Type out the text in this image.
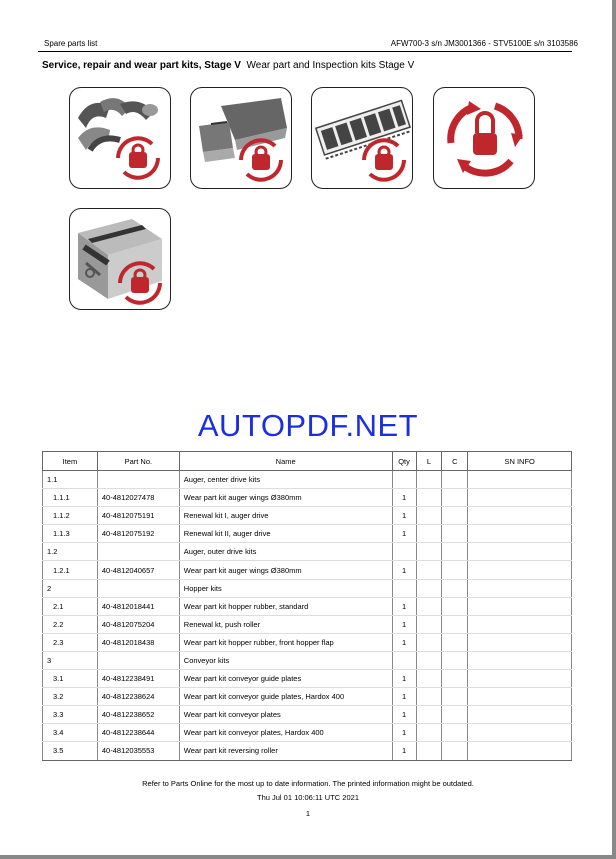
Spare parts list	AFW700-3 s/n JM3001366 - STV5100E s/n 3103586
Service, repair and wear part kits, Stage V Wear part and Inspection kits Stage V
AUTOPDF.NET
Item	Part No.	Name	Qty	L	C	SN INFO
1.1		Auger, center drive kits				
1.1.1	40-4812027478	Wear part kit auger wings Ø380mm	1			
1.1.2	40-4812075191	Renewal kit I, auger drive	1			
1.1.3	40-4812075192	Renewal kit II, auger drive	1			
1.2		Auger, outer drive kits				
1.2.1	40-4812040657	Wear part kit auger wings Ø380mm	1			
2		Hopper kits				
2.1	40-4812018441	Wear part kit hopper rubber, standard	1			
2.2	40-4812075204	Renewal kt, push roller	1			
2.3	40-4812018438	Wear part kit hopper rubber, front hopper flap	1			
3		Conveyor kits				
3.1	40-4812238491	Wear part kit conveyor guide plates	1			
3.2	40-4812238624	Wear part kit conveyor guide plates, Hardox 400	1			
3.3	40-4812238652	Wear part kit conveyor plates	1			
3.4	40-4812238644	Wear part kit conveyor plates, Hardox 400	1			
3.5	40-4812035553	Wear part kit reversing roller	1			
Refer to Parts Online for the most up to date information. The printed information might be outdated.
Thu Jul 01 10:06:11 UTC 2021
1
